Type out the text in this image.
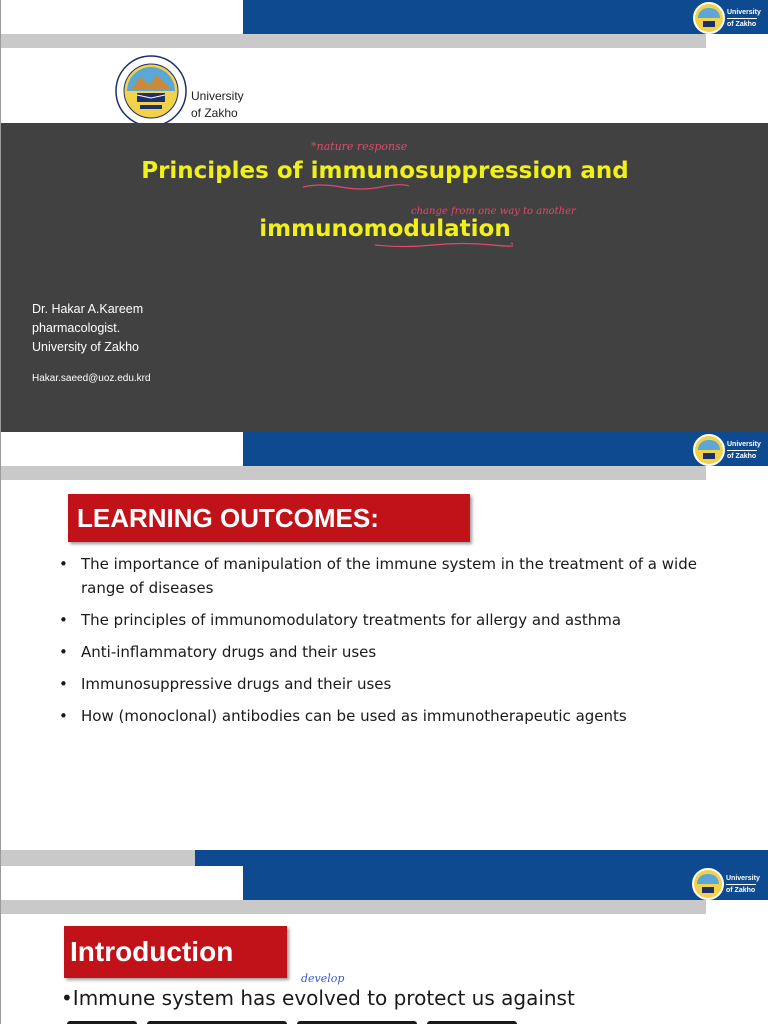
University
of Zakho
University
of Zakho
*nature response
Principles of immunosuppression and
change from one way to another
immunomodulation
Dr. Hakar A.Kareem
pharmacologist.
University of Zakho
Hakar.saeed@uoz.edu.krd
University
of Zakho
LEARNING OUTCOMES:
• The importance of manipulation of the immune system in the treatment of a wide range of diseases
• The principles of immunomodulatory treatments for allergy and asthma
• Anti-inflammatory drugs and their uses
• Immunosuppressive drugs and their uses
• How (monoclonal) antibodies can be used as immunotherapeutic agents
University
of Zakho
Introduction
develop
•Immune system has evolved to protect us against
